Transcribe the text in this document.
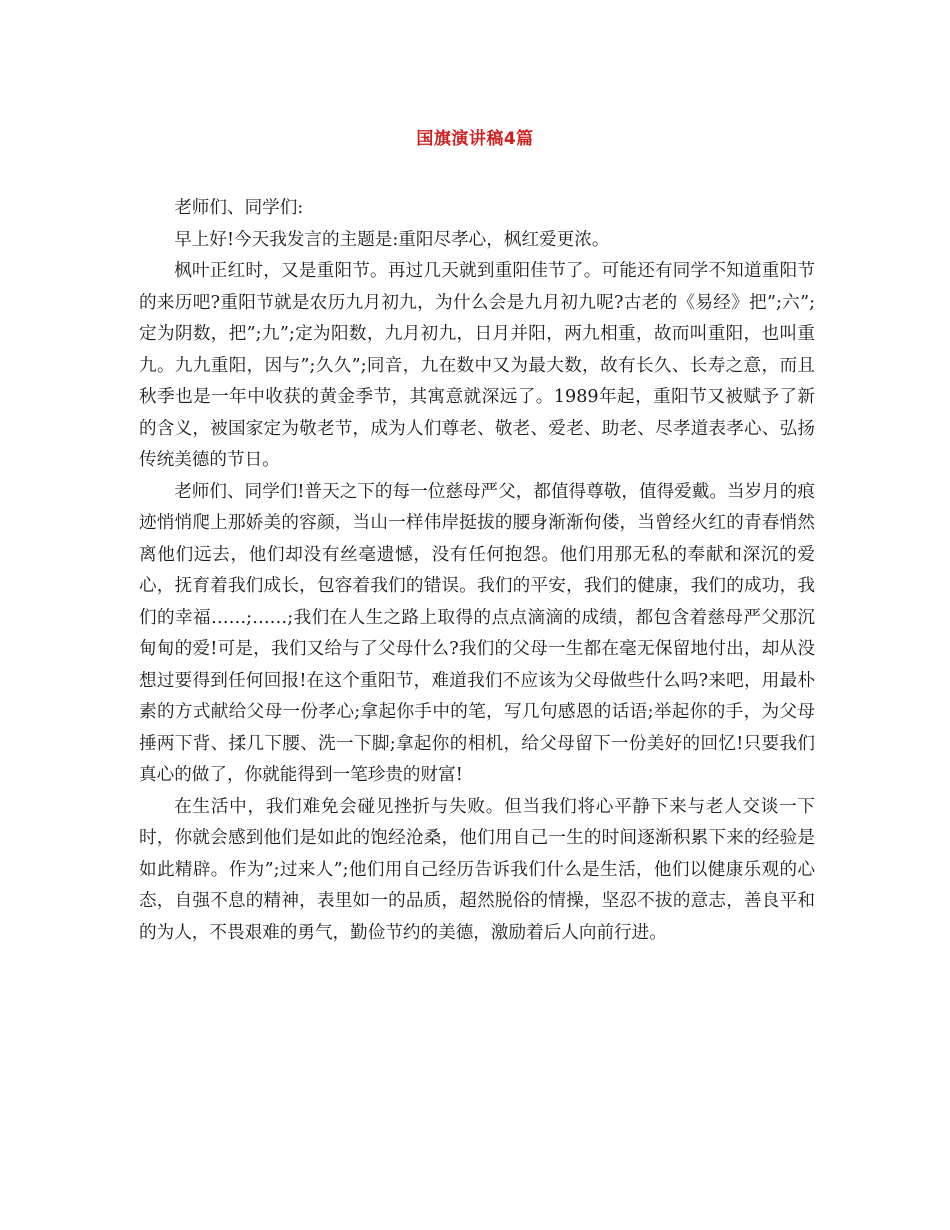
国旗演讲稿4篇

老师们、同学们:

早上好!今天我发言的主题是:重阳尽孝心，枫红爱更浓。

枫叶正红时，又是重阳节。再过几天就到重阳佳节了。可能还有同学不知道重阳节的来历吧?重阳节就是农历九月初九，为什么会是九月初九呢?古老的《易经》把”;六”;定为阴数，把”;九”;定为阳数，九月初九，日月并阳，两九相重，故而叫重阳，也叫重九。九九重阳，因与”;久久”;同音，九在数中又为最大数，故有长久、长寿之意，而且秋季也是一年中收获的黄金季节，其寓意就深远了。1989年起，重阳节又被赋予了新的含义，被国家定为敬老节，成为人们尊老、敬老、爱老、助老、尽孝道表孝心、弘扬传统美德的节日。

老师们、同学们!普天之下的每一位慈母严父，都值得尊敬，值得爱戴。当岁月的痕迹悄悄爬上那娇美的容颜，当山一样伟岸挺拔的腰身渐渐佝偻，当曾经火红的青春悄然离他们远去，他们却没有丝毫遗憾，没有任何抱怨。他们用那无私的奉献和深沉的爱心，抚育着我们成长，包容着我们的错误。我们的平安，我们的健康，我们的成功，我们的幸福……;……;我们在人生之路上取得的点点滴滴的成绩，都包含着慈母严父那沉甸甸的爱!可是，我们又给与了父母什么?我们的父母一生都在毫无保留地付出，却从没想过要得到任何回报!在这个重阳节，难道我们不应该为父母做些什么吗?来吧，用最朴素的方式献给父母一份孝心;拿起你手中的笔，写几句感恩的话语;举起你的手，为父母捶两下背、揉几下腰、洗一下脚;拿起你的相机，给父母留下一份美好的回忆!只要我们真心的做了，你就能得到一笔珍贵的财富!

在生活中，我们难免会碰见挫折与失败。但当我们将心平静下来与老人交谈一下时，你就会感到他们是如此的饱经沧桑，他们用自己一生的时间逐渐积累下来的经验是如此精辟。作为”;过来人”;他们用自己经历告诉我们什么是生活，他们以健康乐观的心态，自强不息的精神，表里如一的品质，超然脱俗的情操，坚忍不拔的意志，善良平和的为人，不畏艰难的勇气，勤俭节约的美德，激励着后人向前行进。
